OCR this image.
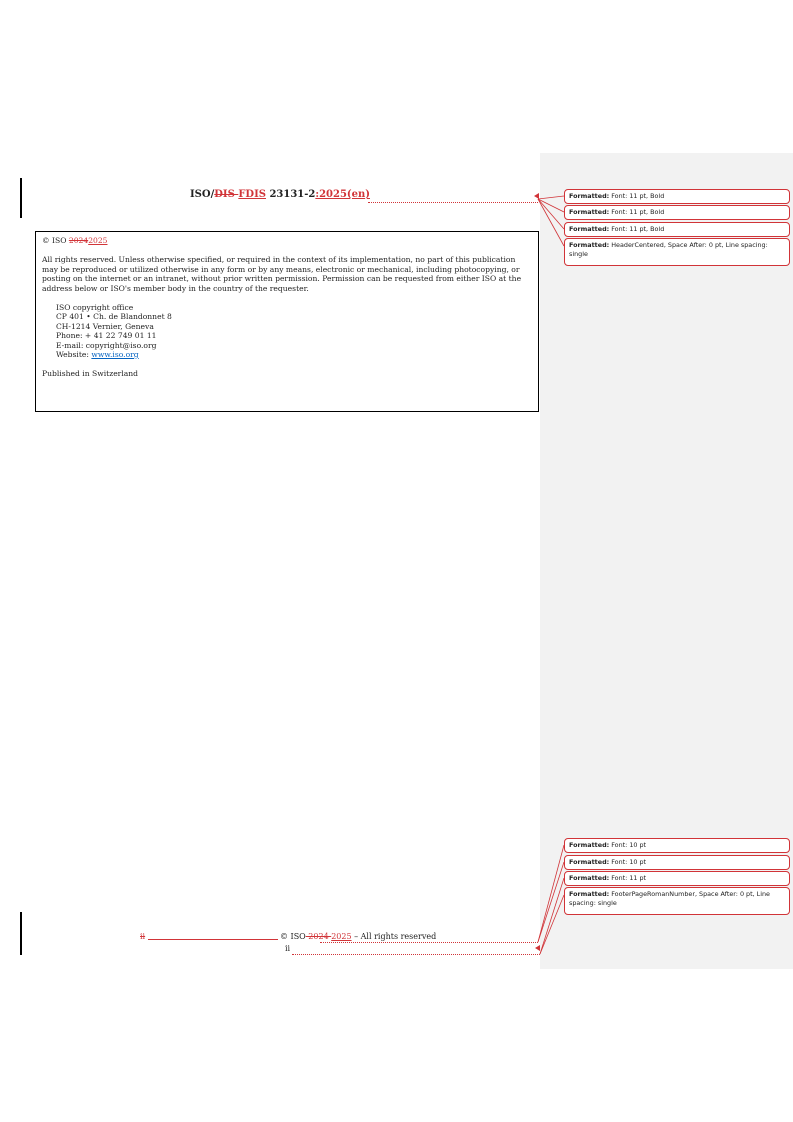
ISO/DIS FDIS 23131-2:2025(en)

© ISO 20242025

All rights reserved. Unless otherwise specified, or required in the context of its implementation, no part of this publication may be reproduced or utilized otherwise in any form or by any means, electronic or mechanical, including photocopying, or posting on the internet or an intranet, without prior written permission. Permission can be requested from either ISO at the address below or ISO's member body in the country of the requester.

ISO copyright office

CP 401 • Ch. de Blandonnet 8

CH-1214 Vernier, Geneva

Phone: + 41 22 749 01 11

E-mail: copyright@iso.org

Website: www.iso.org

Published in Switzerland

Formatted: Font: 11 pt, Bold
Formatted: Font: 11 pt, Bold
Formatted: Font: 11 pt, Bold
Formatted: HeaderCentered, Space After: 0 pt, Line spacing: single
Formatted: Font: 10 pt
Formatted: Font: 10 pt
Formatted: Font: 11 pt
Formatted: FooterPageRomanNumber, Space After: 0 pt, Line spacing: single
ii	© ISO 2024 2025 – All rights reserved
ii
